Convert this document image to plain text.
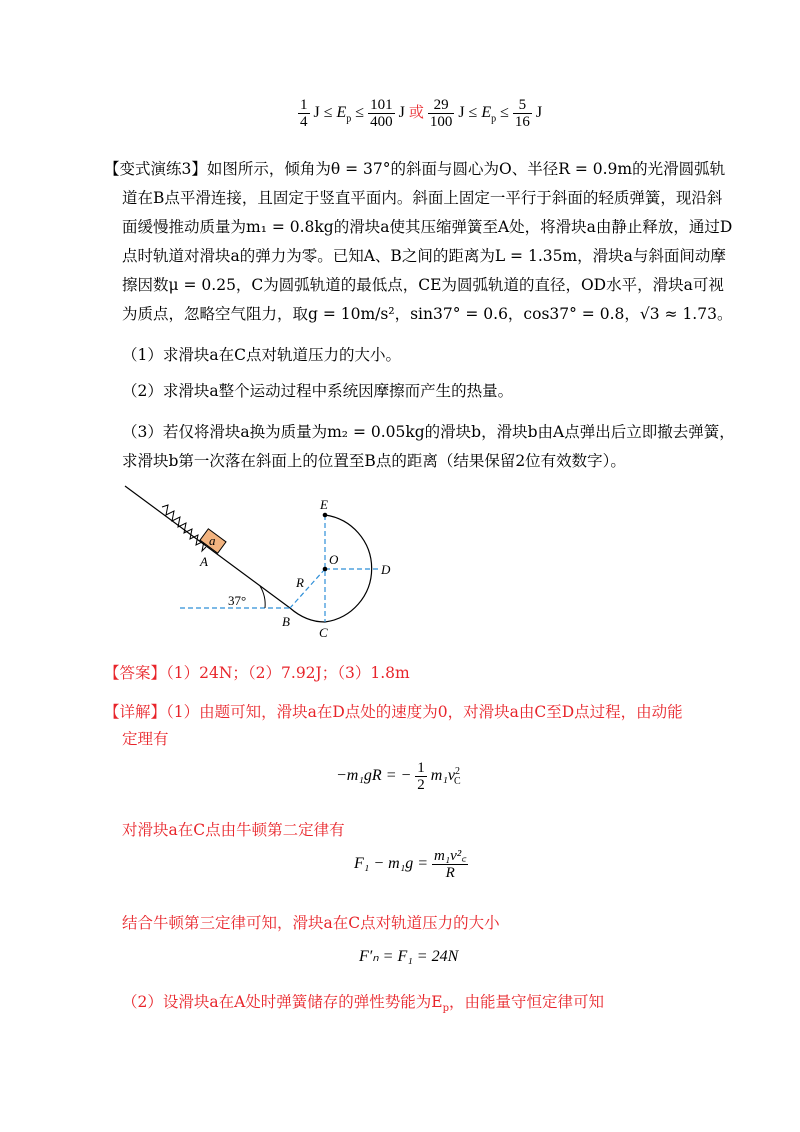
$\frac{1}{4}$ $J \le E_p \le \frac{101}{400}$ J 或 $\frac{29}{100}$ $J \le E_p \le \frac{5}{16}$ J
【变式演练3】如图所示，倾角为θ = 37°的斜面与圆心为O、半径R = 0.9m的光滑圆弧轨
道在B点平滑连接，且固定于竖直平面内。斜面上固定一平行于斜面的轻质弹簧，现沿斜
面缓慢推动质量为m₁ = 0.8kg的滑块a使其压缩弹簧至A处，将滑块a由静止释放，通过D
点时轨道对滑块a的弹力为零。已知A、B之间的距离为L = 1.35m，滑块a与斜面间动摩
擦因数μ = 0.25，C为圆弧轨道的最低点，CE为圆弧轨道的直径，OD水平，滑块a可视
为质点，忽略空气阻力，取g = 10m/s²，sin37° = 0.6，cos37° = 0.8，√3 ≈ 1.73。
（1）求滑块a在C点对轨道压力的大小。
（2）求滑块a整个运动过程中系统因摩擦而产生的热量。
（3）若仅将滑块a换为质量为m₂ = 0.05kg的滑块b，滑块b由A点弹出后立即撤去弹簧，
求滑块b第一次落在斜面上的位置至B点的距离（结果保留2位有效数字）。
a
A
37°
E
O
D
R
B
C
【答案】（1）24N；（2）7.92J；（3）1.8m
【详解】（1）由题可知，滑块a在D点处的速度为0，对滑块a由C至D点过程，由动能
定理有
−m₁gR = − $\frac{1}{2} m_1v^2_C$
对滑块a在C点由牛顿第二定律有
$F_1 - m_1g = \frac{\text{m₁v²꜀}}{R}$
结合牛顿第三定律可知，滑块a在C点对轨道压力的大小
F′ₙ = F₁ = 24N
（2）设滑块a在A处时弹簧储存的弹性势能为$E_p$，由能量守恒定律可知
